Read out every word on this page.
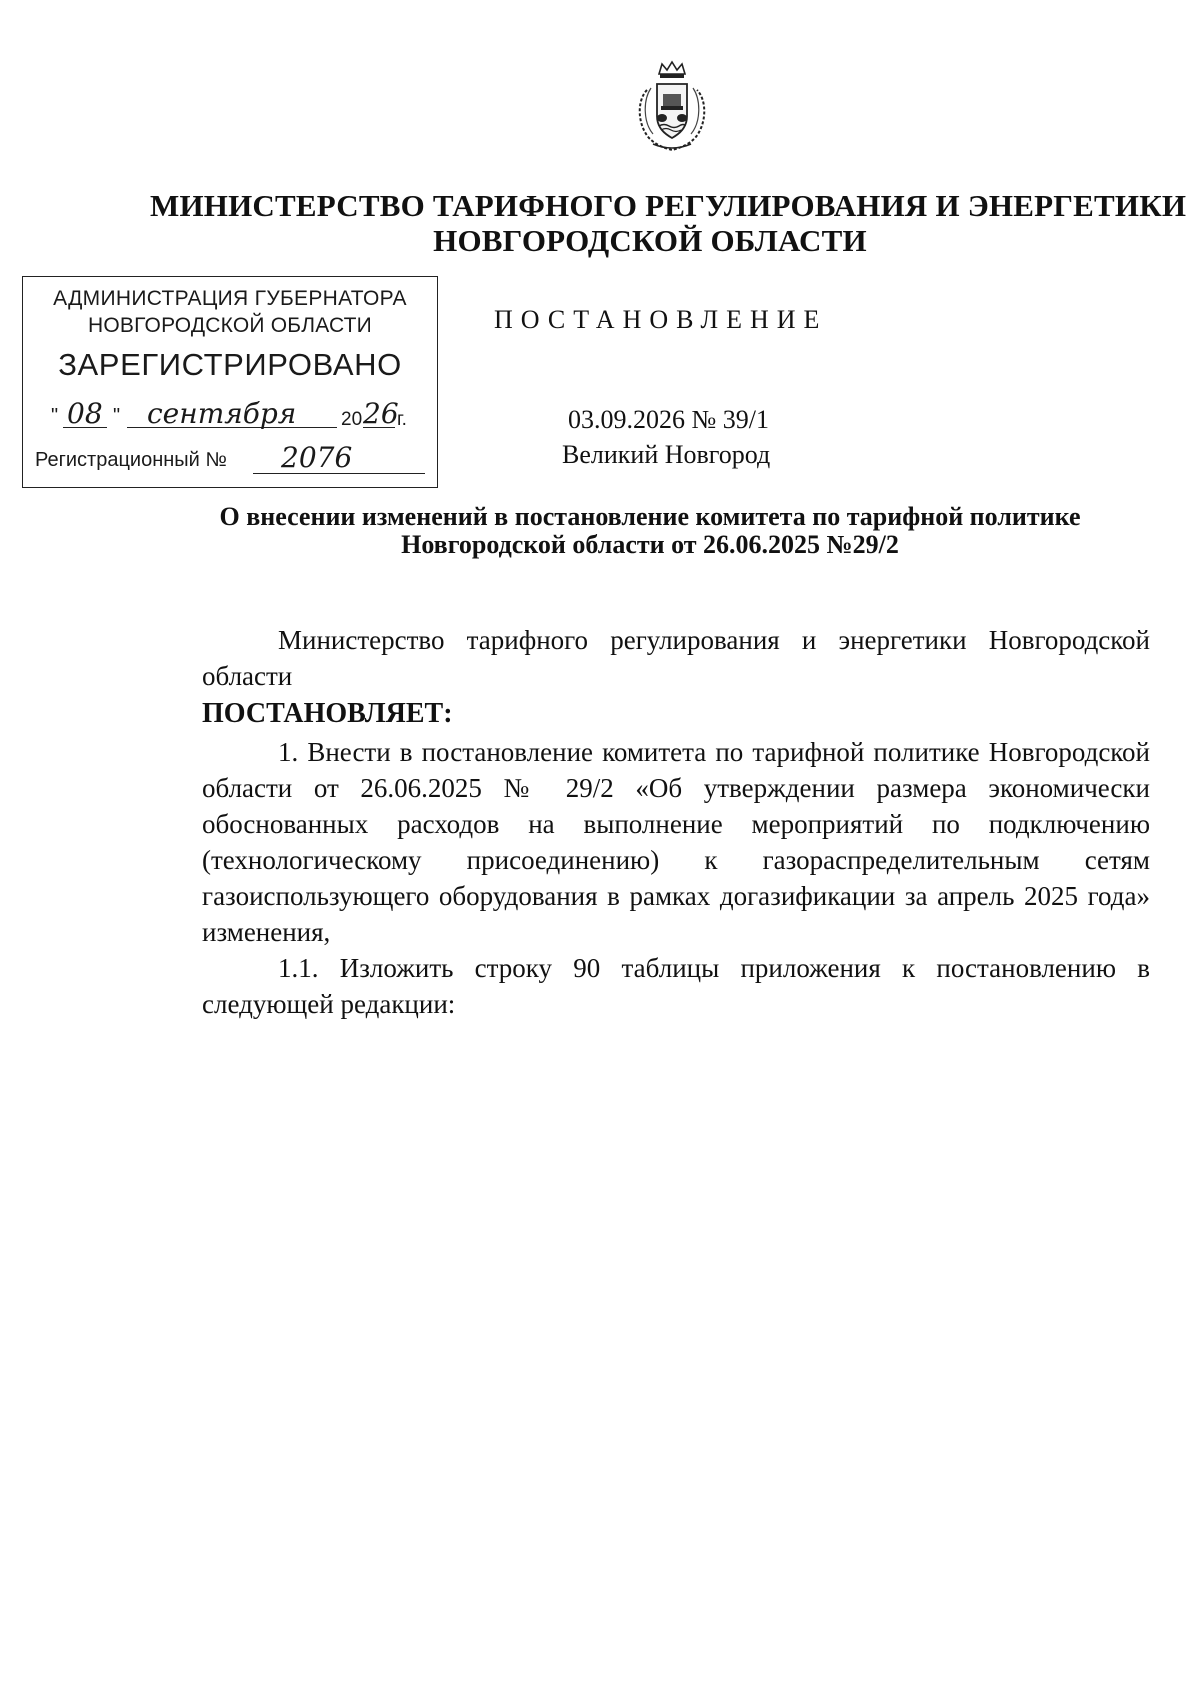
МИНИСТЕРСТВО ТАРИФНОГО РЕГУЛИРОВАНИЯ И ЭНЕРГЕТИКИ
НОВГОРОДСКОЙ ОБЛАСТИ
АДМИНИСТРАЦИЯ ГУБЕРНАТОРА
НОВГОРОДСКОЙ ОБЛАСТИ
ЗАРЕГИСТРИРОВАНО
" 08 " сентября 20 26
г.
Регистрационный № 2076
ПОСТАНОВЛЕНИЕ
03.09.2026 № 39/1
Великий Новгород
О внесении изменений в постановление комитета по тарифной политике
Новгородской области от 26.06.2025 №29/2

Министерство тарифного регулирования и энергетики Новгородской области

ПОСТАНОВЛЯЕТ:

1. Внести в постановление комитета по тарифной политике Новгородской области от 26.06.2025 № 29/2 «Об утверждении размера экономически обоснованных расходов на выполнение мероприятий по подключению (технологическому присоединению) к газораспределительным сетям газоиспользующего оборудования в рамках догазификации за апрель 2025 года» изменения,

1.1. Изложить строку 90 таблицы приложения к постановлению в следующей редакции:
